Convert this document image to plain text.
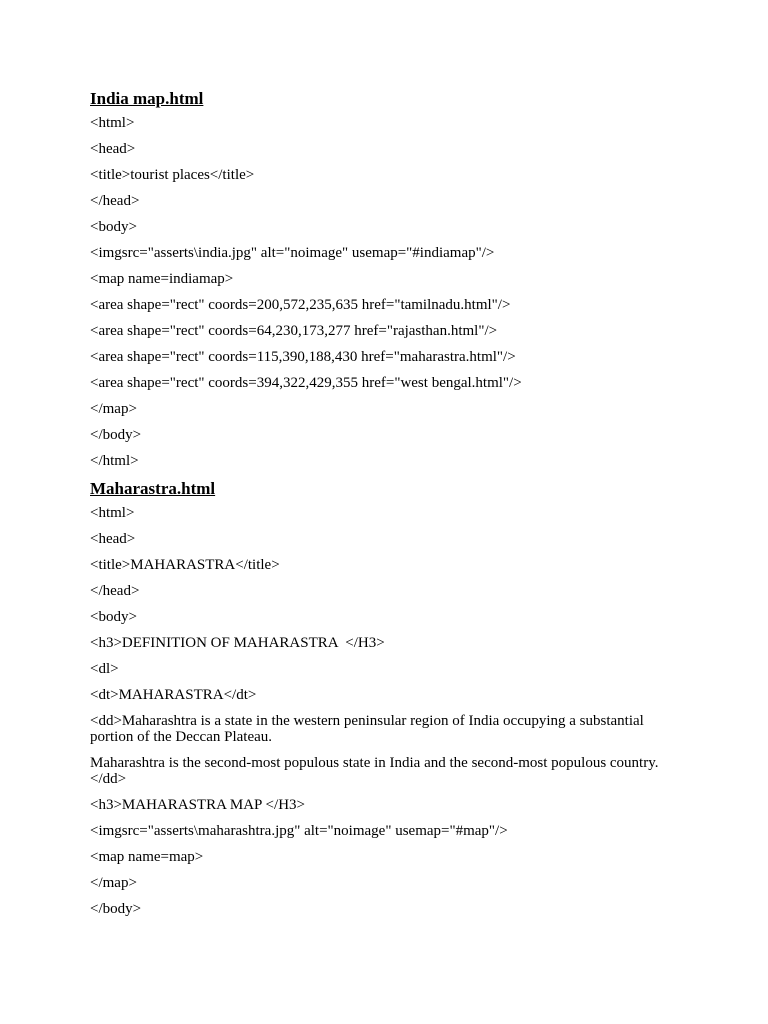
India map.html
<html>
<head>
<title>tourist places</title>
</head>
<body>
<imgsrc="asserts\india.jpg" alt="noimage" usemap="#indiamap"/>
<map name=indiamap>
<area shape="rect" coords=200,572,235,635 href="tamilnadu.html"/>
<area shape="rect" coords=64,230,173,277 href="rajasthan.html"/>
<area shape="rect" coords=115,390,188,430 href="maharastra.html"/>
<area shape="rect" coords=394,322,429,355 href="west bengal.html"/>
</map>
</body>
</html>
Maharastra.html
<html>
<head>
<title>MAHARASTRA</title>
</head>
<body>
<h3>DEFINITION OF MAHARASTRA  </H3>
<dl>
<dt>MAHARASTRA</dt>
<dd>Maharashtra is a state in the western peninsular region of India occupying a substantial portion of the Deccan Plateau.
Maharashtra is the second-most populous state in India and the second-most populous country.</dd>
<h3>MAHARASTRA MAP </H3>
<imgsrc="asserts\maharashtra.jpg" alt="noimage" usemap="#map"/>
<map name=map>
</map>
</body>
